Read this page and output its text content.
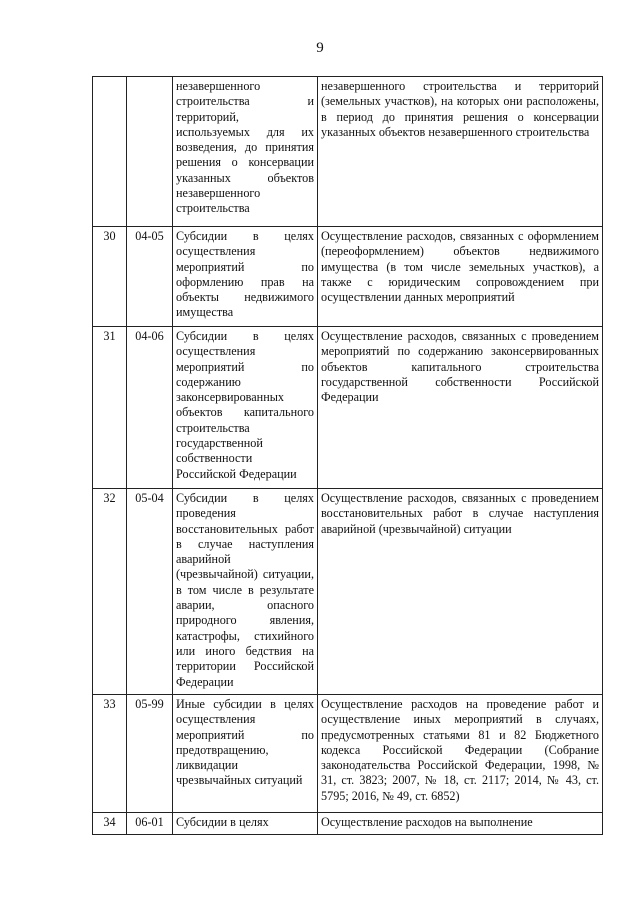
9
		незавершенного строительства и территорий, используемых для их возведения, до принятия решения о консервации указанных объектов незавершенного строительства	незавершенного строительства и территорий (земельных участков), на которых они расположены, в период до принятия решения о консервации указанных объектов незавершенного строительства
30	04-05	Субсидии в целях осуществления мероприятий по оформлению прав на объекты недвижимого имущества	Осуществление расходов, связанных с оформлением (переоформлением) объектов недвижимого имущества (в том числе земельных участков), а также с юридическим сопровождением при осуществлении данных мероприятий
31	04-06	Субсидии в целях осуществления мероприятий по содержанию законсервированных объектов капитального строительства государственной собственности Российской Федерации	Осуществление расходов, связанных с проведением мероприятий по содержанию законсервированных объектов капитального строительства государственной собственности Российской Федерации
32	05-04	Субсидии в целях проведения восстановительных работ в случае наступления аварийной (чрезвычайной) ситуации, в том числе в результате аварии, опасного природного явления, катастрофы, стихийного или иного бедствия на территории Российской Федерации	Осуществление расходов, связанных с проведением восстановительных работ в случае наступления аварийной (чрезвычайной) ситуации
33	05-99	Иные субсидии в целях осуществления мероприятий по предотвращению, ликвидации чрезвычайных ситуаций	Осуществление расходов на проведение работ и осуществление иных мероприятий в случаях, предусмотренных статьями 81 и 82 Бюджетного кодекса Российской Федерации (Собрание законодательства Российской Федерации, 1998, № 31, ст. 3823; 2007, № 18, ст. 2117; 2014, № 43, ст. 5795; 2016, № 49, ст. 6852)
34	06-01	Субсидии в целях	Осуществление расходов на выполнение
